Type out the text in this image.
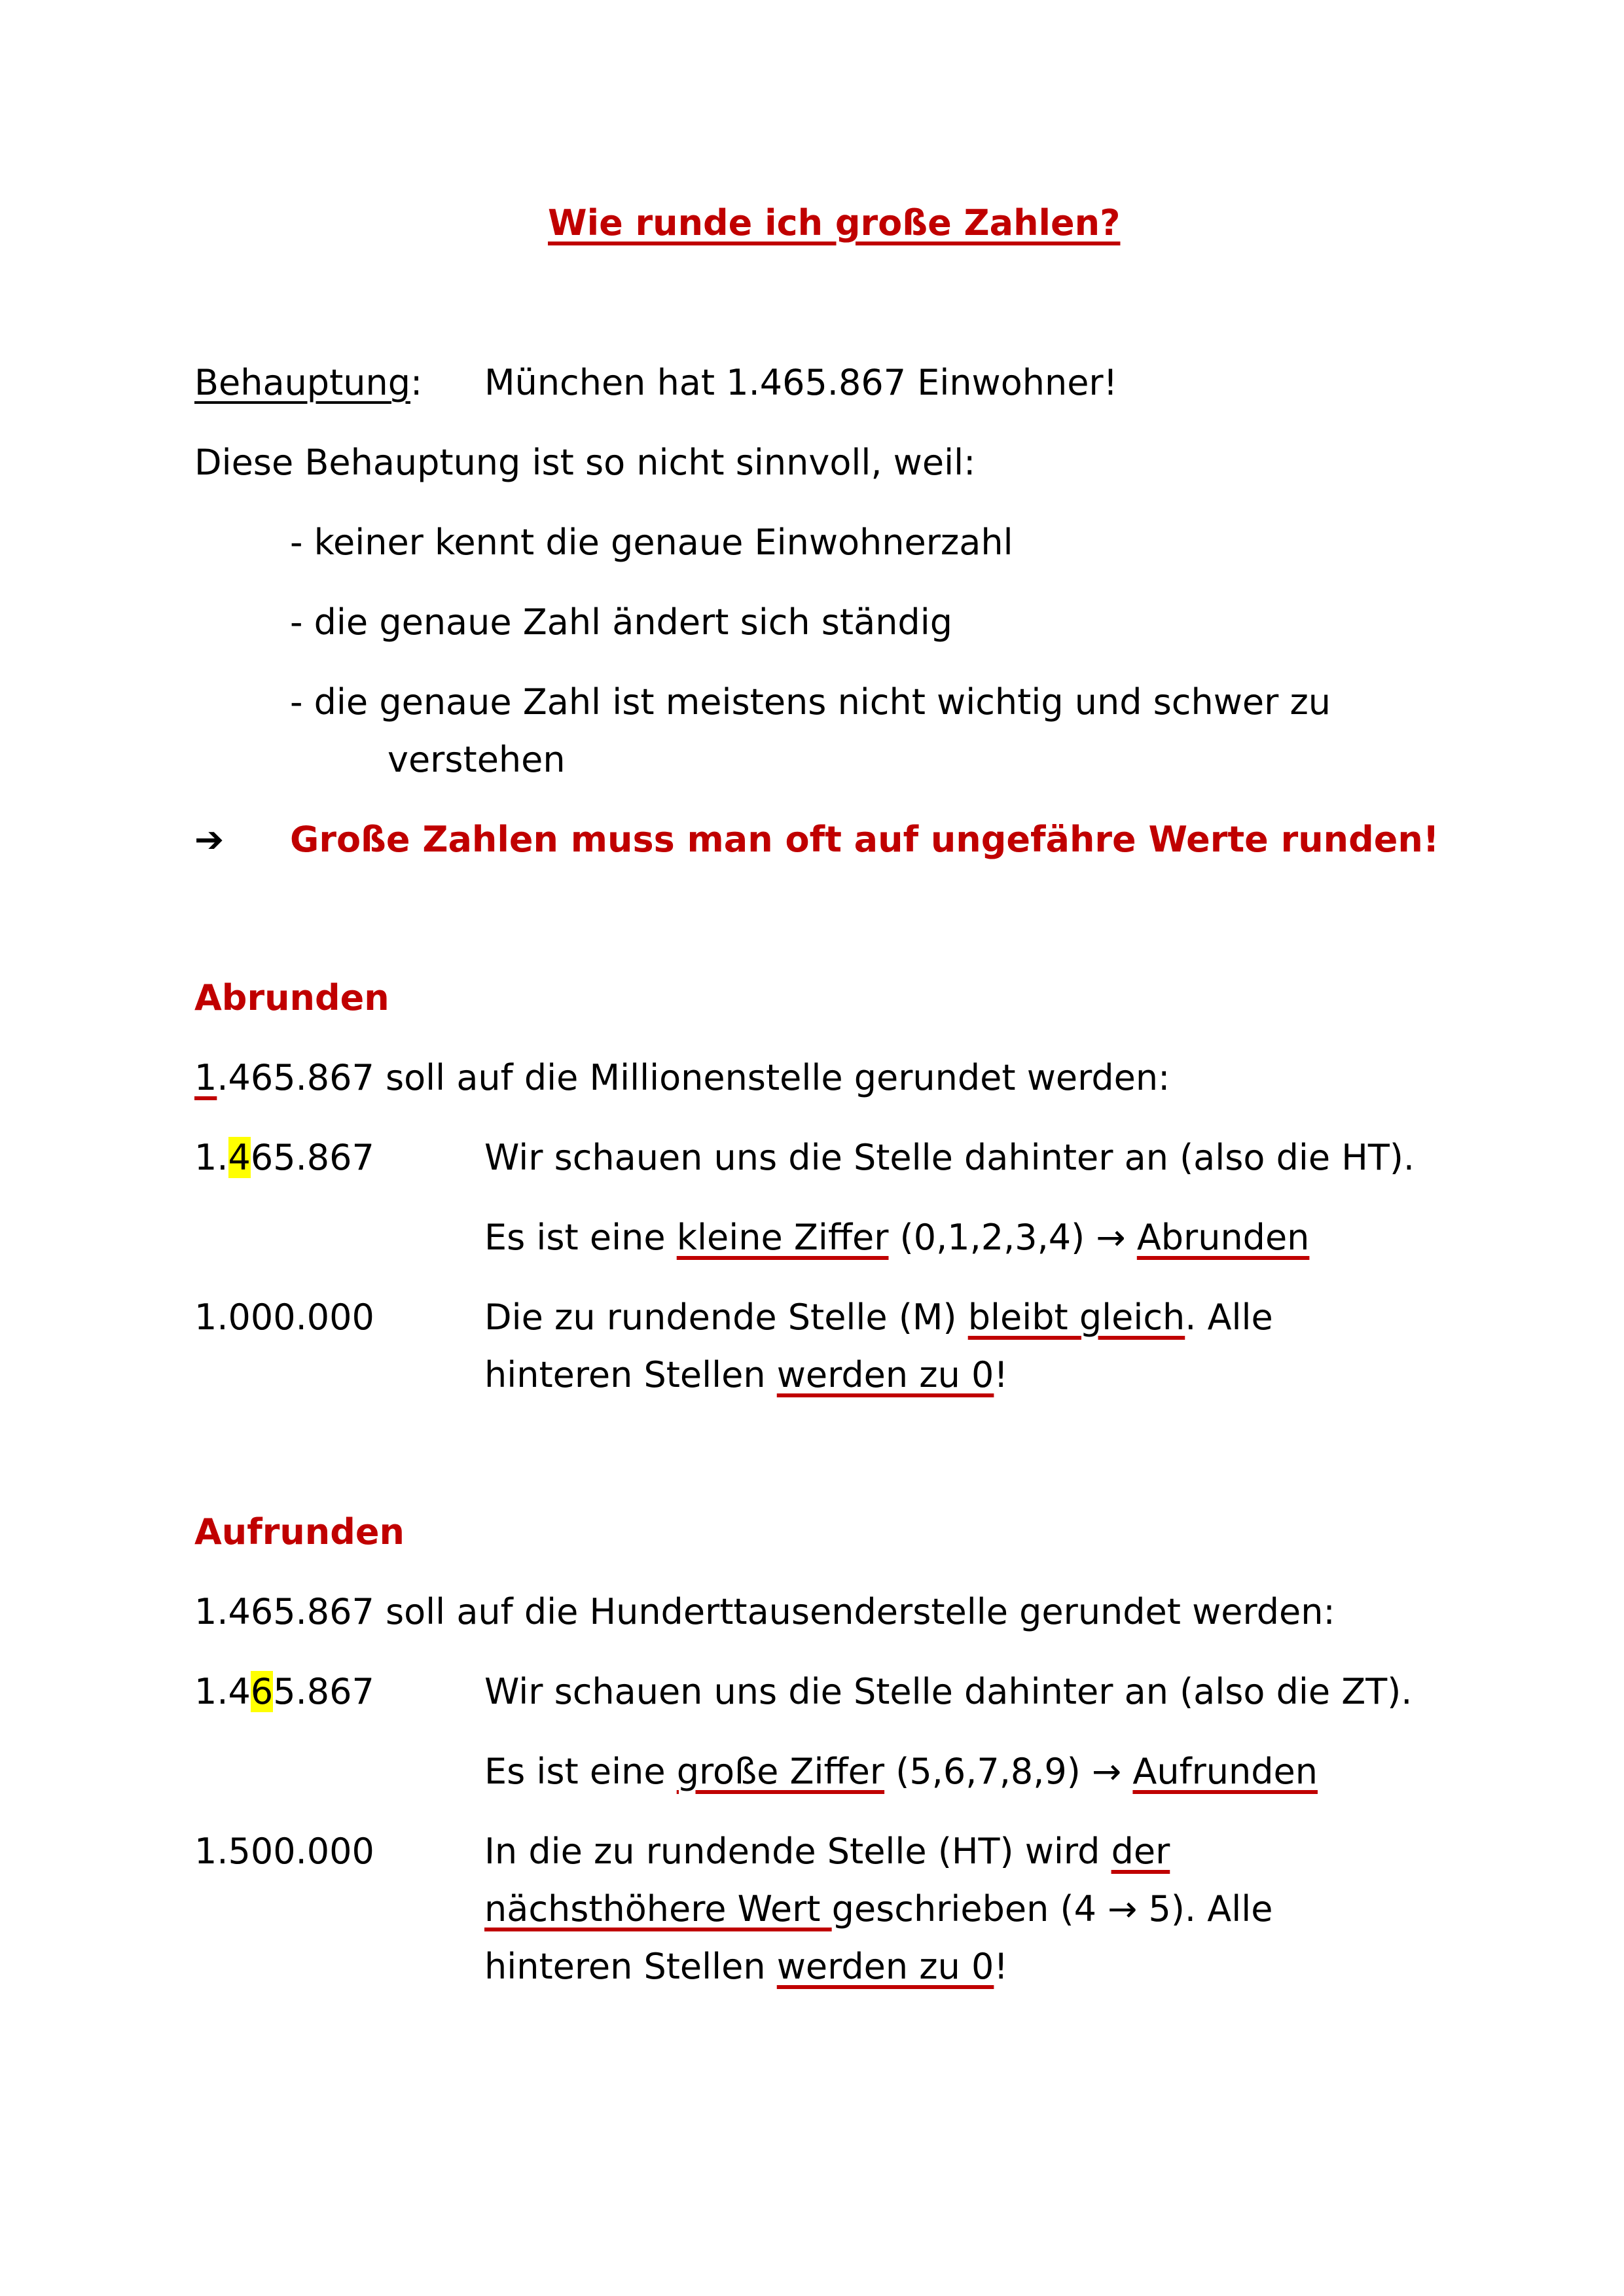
Wie runde ich große Zahlen?
Behauptung: München hat 1.465.867 Einwohner!
Diese Behauptung ist so nicht sinnvoll, weil:
- keiner kennt die genaue Einwohnerzahl
- die genaue Zahl ändert sich ständig
- die genaue Zahl ist meistens nicht wichtig und schwer zu
verstehen
➔ Große Zahlen muss man oft auf ungefähre Werte runden!
Abrunden
1.465.867 soll auf die Millionenstelle gerundet werden:
1.465.867	Wir schauen uns die Stelle dahinter an (also die HT).
Es ist eine kleine Ziffer (0,1,2,3,4) → Abrunden
1.000.000	Die zu rundende Stelle (M) bleibt gleich. Alle
hinteren Stellen werden zu 0!
Aufrunden
1.465.867 soll auf die Hunderttausenderstelle gerundet werden:
1.465.867	Wir schauen uns die Stelle dahinter an (also die ZT).
Es ist eine große Ziffer (5,6,7,8,9) → Aufrunden
1.500.000	In die zu rundende Stelle (HT) wird der
nächsthöhere Wert geschrieben (4 → 5). Alle
hinteren Stellen werden zu 0!
